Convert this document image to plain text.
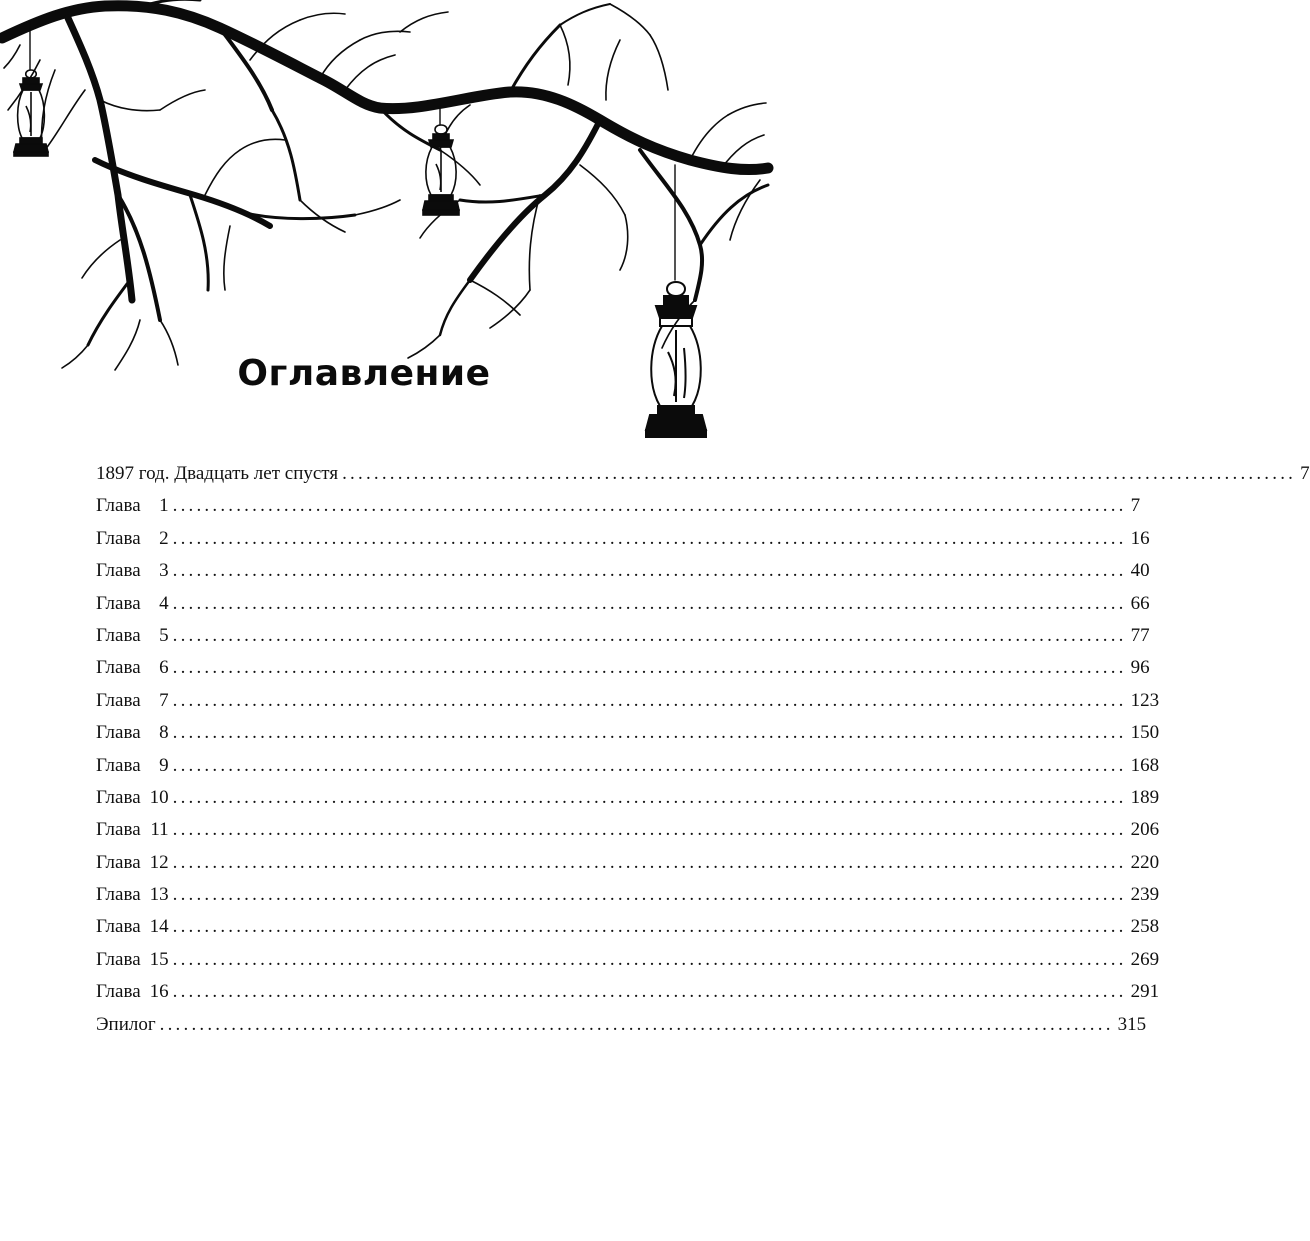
Оглавление
1897 год. Двадцать лет спустя ........................................................................................................................ 7
Глава 1 ........................................................................................................................ 7
Глава 2 ........................................................................................................................ 16
Глава 3 ........................................................................................................................ 40
Глава 4 ........................................................................................................................ 66
Глава 5 ........................................................................................................................ 77
Глава 6 ........................................................................................................................ 96
Глава 7 ........................................................................................................................ 123
Глава 8 ........................................................................................................................ 150
Глава 9 ........................................................................................................................ 168
Глава 10 ........................................................................................................................ 189
Глава 11 ........................................................................................................................ 206
Глава 12 ........................................................................................................................ 220
Глава 13 ........................................................................................................................ 239
Глава 14 ........................................................................................................................ 258
Глава 15 ........................................................................................................................ 269
Глава 16 ........................................................................................................................ 291
Эпилог ........................................................................................................................ 315
